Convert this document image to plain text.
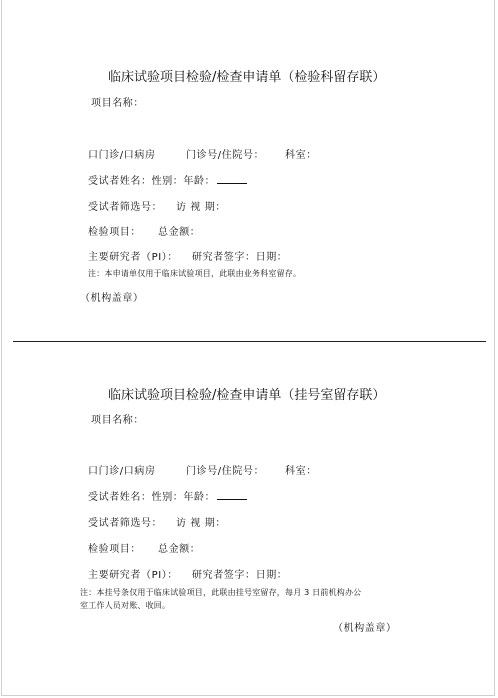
临床试验项目检验/检查申请单（检验科留存联）
项目名称：
口门诊/口病房	门诊号/住院号： 科室：
受试者姓名：性别：年龄：
受试者筛选号： 访 视 期：
检验项目： 总金额：
主要研究者（PI）： 研究者签字：日期：
注：本申请单仅用于临床试验项目，此联由业务科室留存。
（机构盖章）
临床试验项目检验/检查申请单（挂号室留存联）
项目名称：
口门诊/口病房	门诊号/住院号： 科室：
受试者姓名：性别：年龄：
受试者筛选号： 访 视 期：
检验项目： 总金额：
主要研究者（PI）： 研究者签字：日期：
注：本挂号条仅用于临床试验项目，此联由挂号室留存，每月 3 日前机构办公
室工作人员对账、收回。
（机构盖章）
